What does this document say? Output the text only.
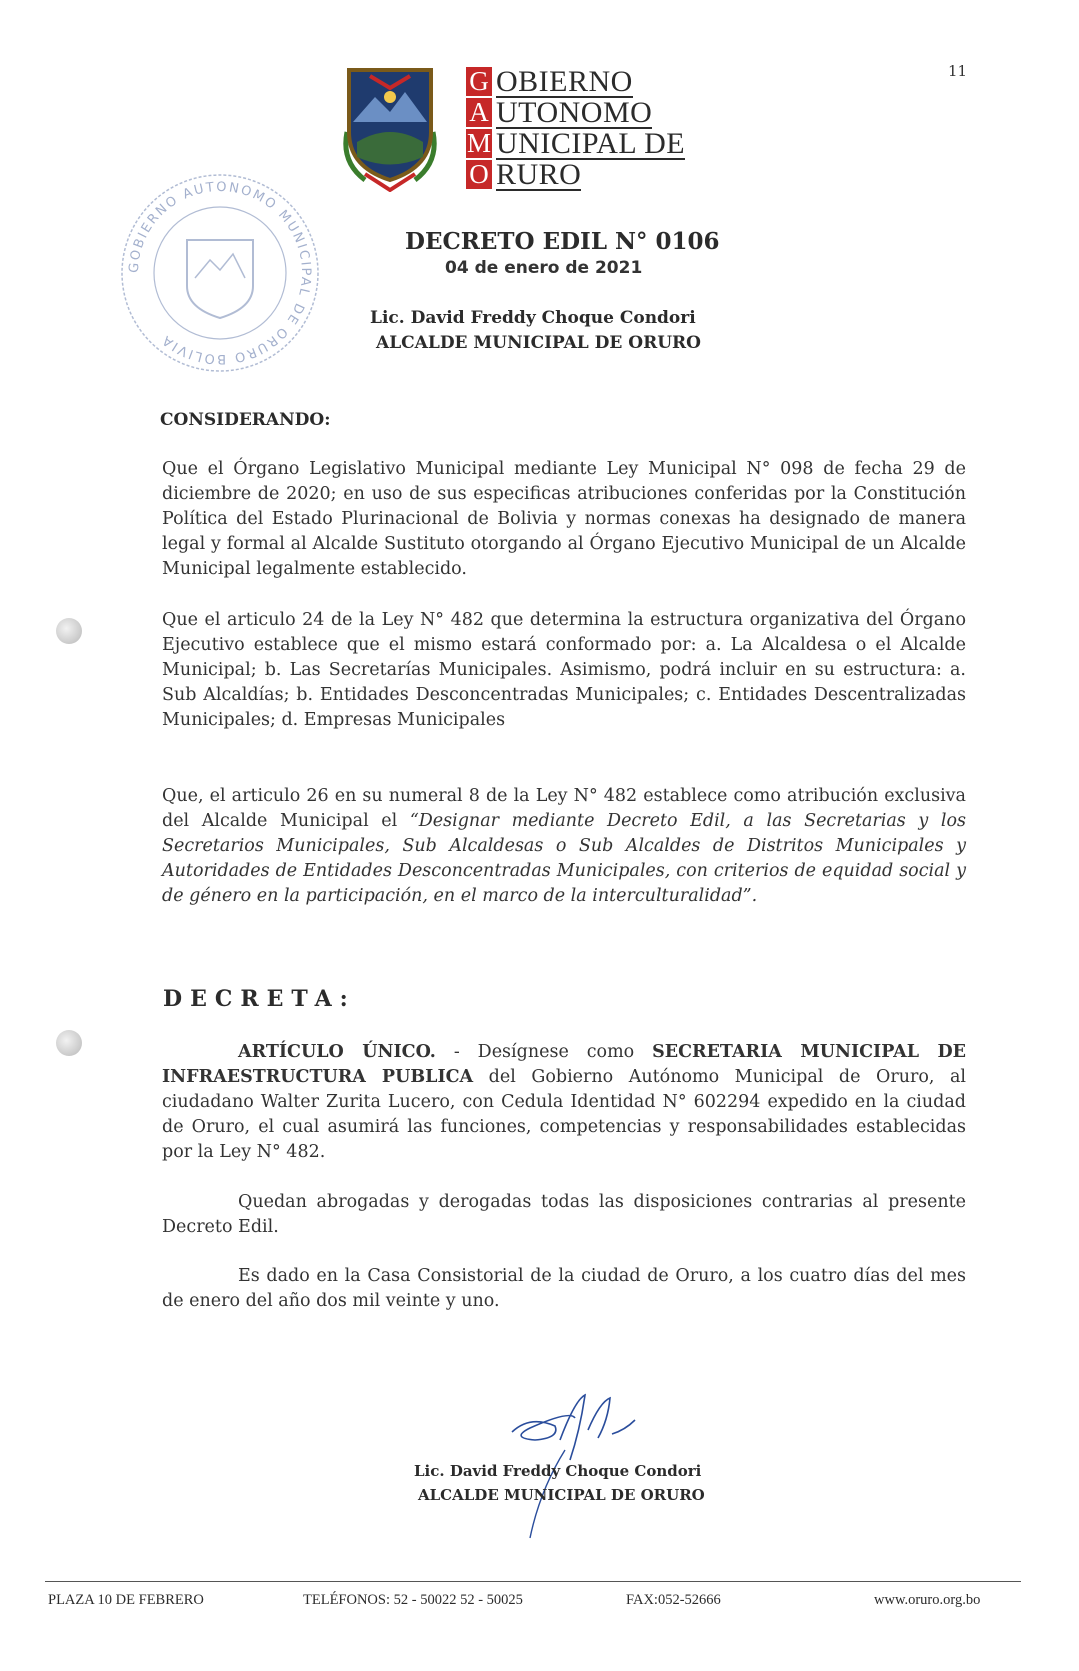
11
G OBIERNO
A UTONOMO
M UNICIPAL DE
O RURO
GOBIERNO AUTONOMO MUNICIPAL DE ORURO BOLIVIA
DECRETO EDIL N° 0106
04 de enero de 2021
Lic. David Freddy Choque Condori
ALCALDE MUNICIPAL DE ORURO
CONSIDERANDO:
Que el Órgano Legislativo Municipal mediante Ley Municipal N° 098 de fecha 29 de diciembre de 2020; en uso de sus especificas atribuciones conferidas por la Constitución Política del Estado Plurinacional de Bolivia y normas conexas ha designado de manera legal y formal al Alcalde Sustituto otorgando al Órgano Ejecutivo Municipal de un Alcalde Municipal legalmente establecido.
Que el articulo 24 de la Ley N° 482 que determina la estructura organizativa del Órgano Ejecutivo establece que el mismo estará conformado por: a. La Alcaldesa o el Alcalde Municipal; b. Las Secretarías Municipales. Asimismo, podrá incluir en su estructura: a. Sub Alcaldías; b. Entidades Desconcentradas Municipales; c. Entidades Descentralizadas Municipales; d. Empresas Municipales
Que, el articulo 26 en su numeral 8 de la Ley N° 482 establece como atribución exclusiva del Alcalde Municipal el “Designar mediante Decreto Edil, a las Secretarias y los Secretarios Municipales, Sub Alcaldesas o Sub Alcaldes de Distritos Municipales y Autoridades de Entidades Desconcentradas Municipales, con criterios de equidad social y de género en la participación, en el marco de la interculturalidad”.
DECRETA:
ARTÍCULO ÚNICO. - Desígnese como SECRETARIA MUNICIPAL DE INFRAESTRUCTURA PUBLICA del Gobierno Autónomo Municipal de Oruro, al ciudadano Walter Zurita Lucero, con Cedula Identidad N° 602294 expedido en la ciudad de Oruro, el cual asumirá las funciones, competencias y responsabilidades establecidas por la Ley N° 482.
Quedan abrogadas y derogadas todas las disposiciones contrarias al presente Decreto Edil.
Es dado en la Casa Consistorial de la ciudad de Oruro, a los cuatro días del mes de enero del año dos mil veinte y uno.
Lic. David Freddy Choque Condori
ALCALDE MUNICIPAL DE ORURO
PLAZA 10 DE FEBRERO	TELÉFONOS: 52 - 50022 52 - 50025	FAX:052-52666	www.oruro.org.bo
